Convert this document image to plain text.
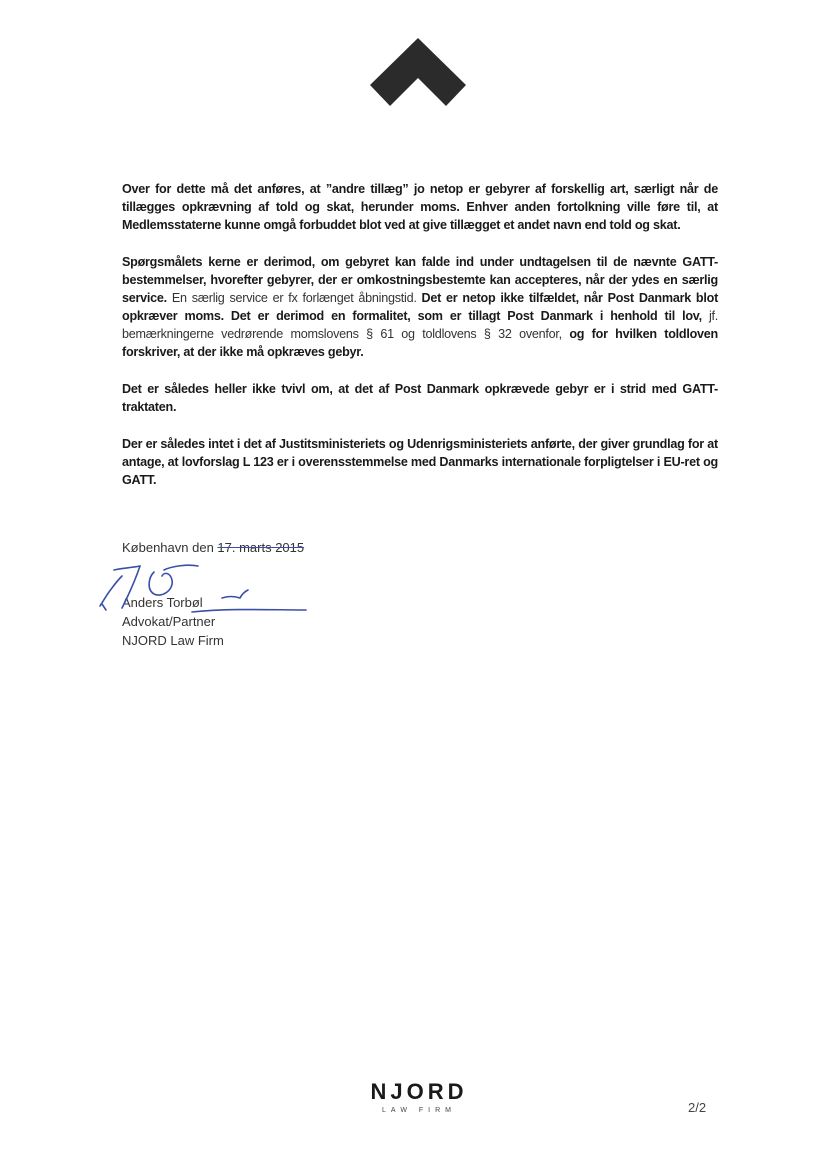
Over for dette må det anføres, at ”andre tillæg” jo netop er gebyrer af forskellig art, særligt når de tillægges opkrævning af told og skat, herunder moms. Enhver anden fortolkning ville føre til, at Medlemsstaterne kunne omgå forbuddet blot ved at give tillægget et andet navn end told og skat.

Spørgsmålets kerne er derimod, om gebyret kan falde ind under undtagelsen til de nævnte GATT-bestemmelser, hvorefter gebyrer, der er omkostningsbestemte kan accepteres, når der ydes en særlig service. En særlig service er fx forlænget åbningstid. Det er netop ikke tilfældet, når Post Danmark blot opkræver moms. Det er derimod en formalitet, som er tillagt Post Danmark i henhold til lov, jf. bemærkningerne vedrørende momslovens § 61 og toldlovens § 32 ovenfor, og for hvilken toldloven forskriver, at der ikke må opkræves gebyr.

Det er således heller ikke tvivl om, at det af Post Danmark opkrævede gebyr er i strid med GATT-traktaten.

Der er således intet i det af Justitsministeriets og Udenrigsministeriets anførte, der giver grundlag for at antage, at lovforslag L 123 er i overensstemmelse med Danmarks internationale forpligtelser i EU-ret og GATT.

København den 17. marts 2015
Anders Torbøl
Advokat/Partner
NJORD Law Firm
NJORD
LAW FIRM	2/2
